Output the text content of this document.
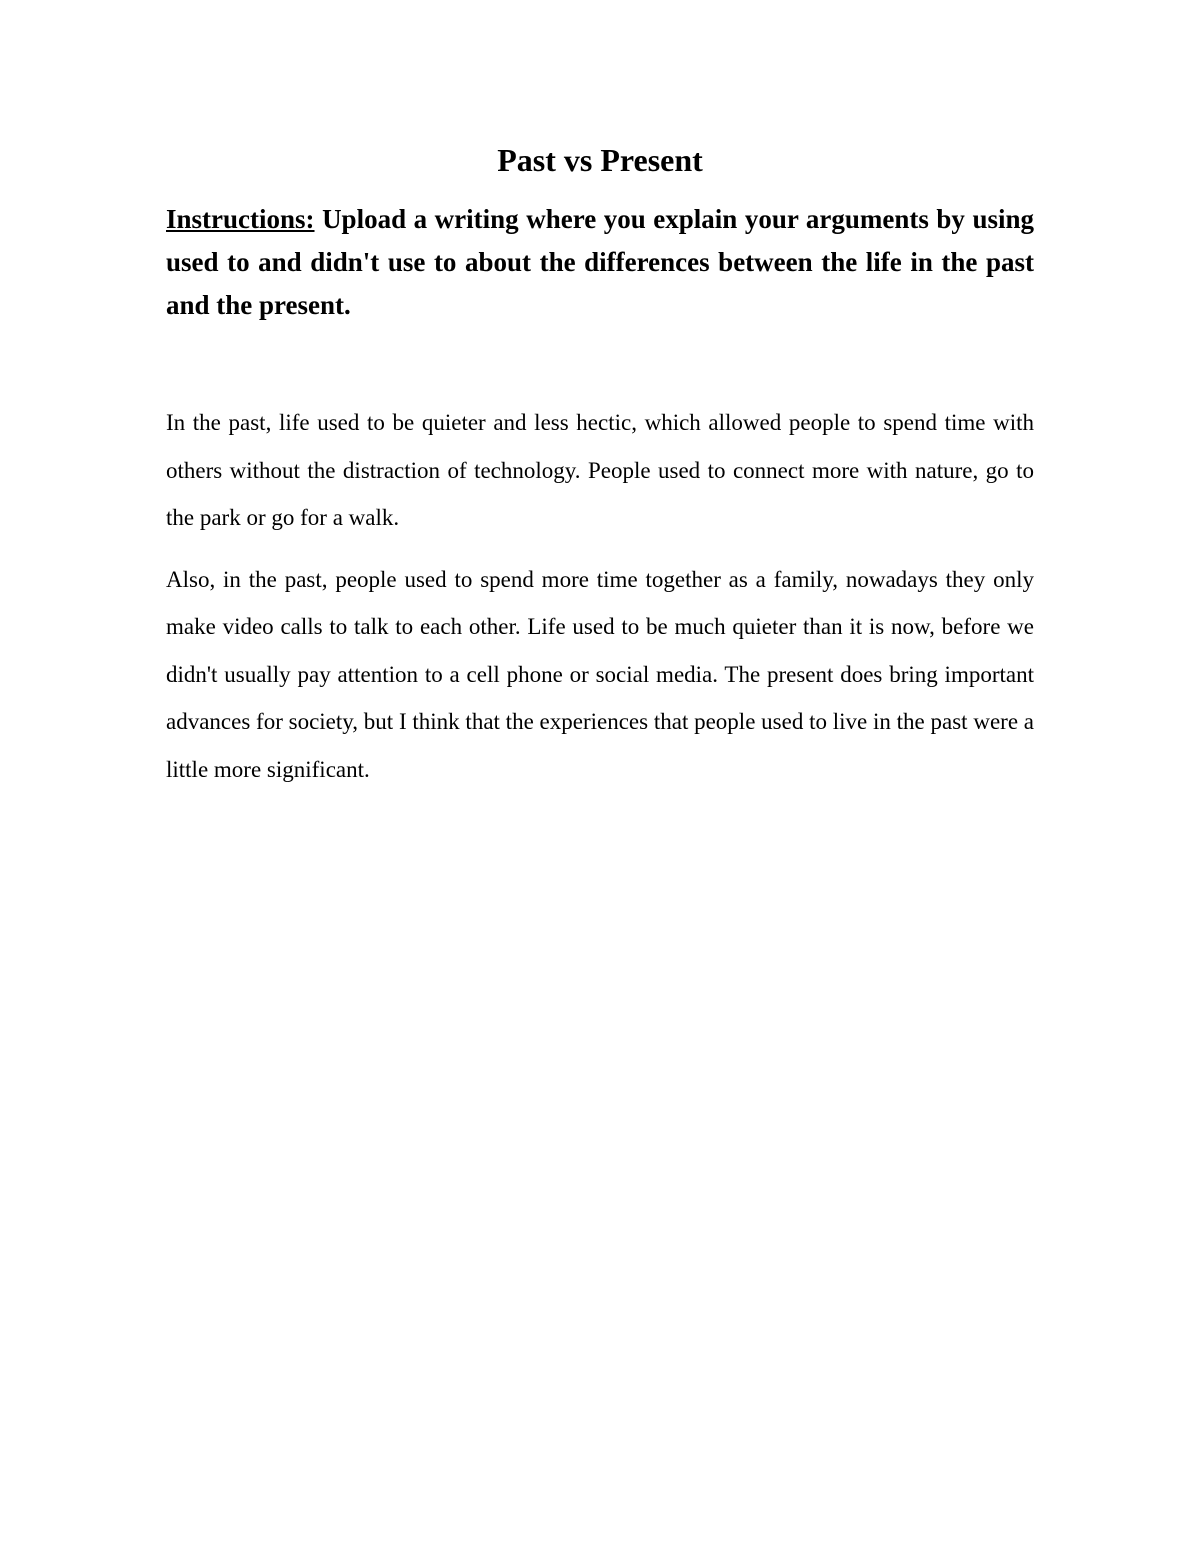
Past vs Present

Instructions: Upload a writing where you explain your arguments by using used to and didn't use to about the differences between the life in the past and the present.

In the past, life used to be quieter and less hectic, which allowed people to spend time with others without the distraction of technology. People used to connect more with nature, go to the park or go for a walk.

Also, in the past, people used to spend more time together as a family, nowadays they only make video calls to talk to each other. Life used to be much quieter than it is now, before we didn't usually pay attention to a cell phone or social media. The present does bring important advances for society, but I think that the experiences that people used to live in the past were a little more significant.
